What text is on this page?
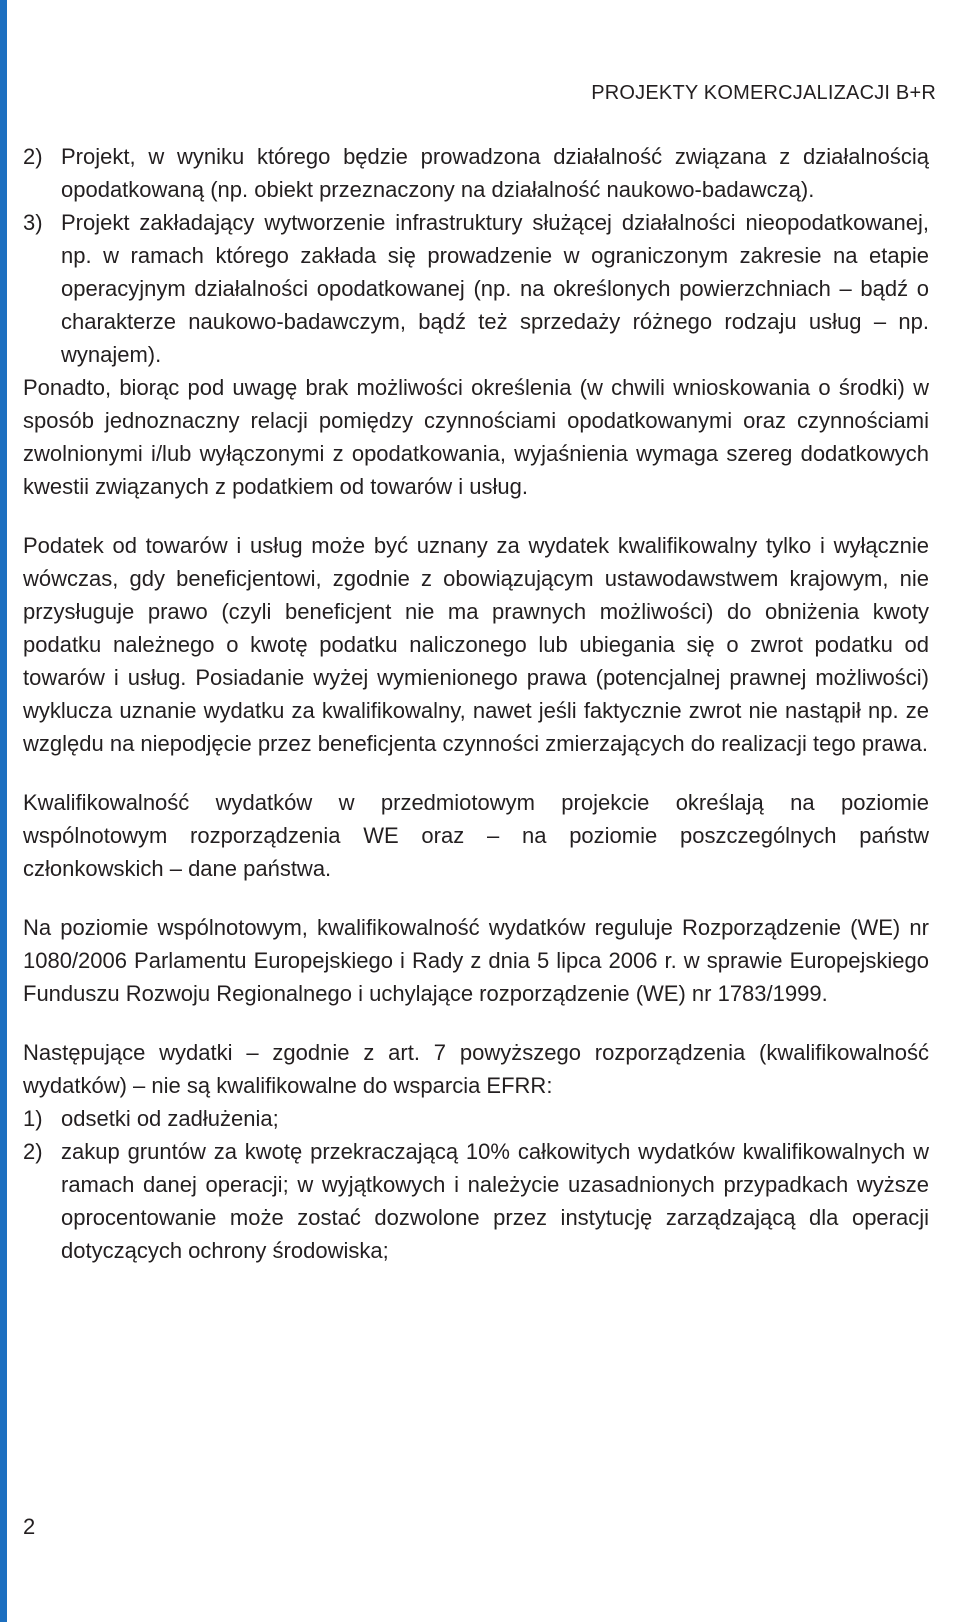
PROJEKTY KOMERCJALIZACJI B+R
2) Projekt, w wyniku którego będzie prowadzona działalność związana z działalnością opodatkowaną (np. obiekt przeznaczony na działalność naukowo-badawczą).
3) Projekt zakładający wytworzenie infrastruktury służącej działalności nieopodatkowanej, np. w ramach którego zakłada się prowadzenie w ograniczonym zakresie na etapie operacyjnym działalności opodatkowanej (np. na określonych powierzchniach – bądź o charakterze naukowo-badawczym, bądź też sprzedaży różnego rodzaju usług – np. wynajem).

Ponadto, biorąc pod uwagę brak możliwości określenia (w chwili wnioskowania o środki) w sposób jednoznaczny relacji pomiędzy czynnościami opodatkowanymi oraz czynnościami zwolnionymi i/lub wyłączonymi z opodatkowania, wyjaśnienia wymaga szereg dodatkowych kwestii związanych z podatkiem od towarów i usług.

Podatek od towarów i usług może być uznany za wydatek kwalifikowalny tylko i wyłącznie wówczas, gdy beneficjentowi, zgodnie z obowiązującym ustawodawstwem krajowym, nie przysługuje prawo (czyli beneficjent nie ma prawnych możliwości) do obniżenia kwoty podatku należnego o kwotę podatku naliczonego lub ubiegania się o zwrot podatku od towarów i usług. Posiadanie wyżej wymienionego prawa (potencjalnej prawnej możliwości) wyklucza uznanie wydatku za kwalifikowalny, nawet jeśli faktycznie zwrot nie nastąpił np. ze względu na niepodjęcie przez beneficjenta czynności zmierzających do realizacji tego prawa.

Kwalifikowalność wydatków w przedmiotowym projekcie określają na poziomie wspólnotowym rozporządzenia WE oraz – na poziomie poszczególnych państw członkowskich – dane państwa.

Na poziomie wspólnotowym, kwalifikowalność wydatków reguluje Rozporządzenie (WE) nr 1080/2006 Parlamentu Europejskiego i Rady z dnia 5 lipca 2006 r. w sprawie Europejskiego Funduszu Rozwoju Regionalnego i uchylające rozporządzenie (WE) nr 1783/1999.

Następujące wydatki – zgodnie z art. 7 powyższego rozporządzenia (kwalifikowalność wydatków) – nie są kwalifikowalne do wsparcia EFRR:

1) odsetki od zadłużenia;
2) zakup gruntów za kwotę przekraczającą 10% całkowitych wydatków kwalifikowalnych w ramach danej operacji; w wyjątkowych i należycie uzasadnionych przypadkach wyższe oprocentowanie może zostać dozwolone przez instytucję zarządzającą dla operacji dotyczących ochrony środowiska;
2
